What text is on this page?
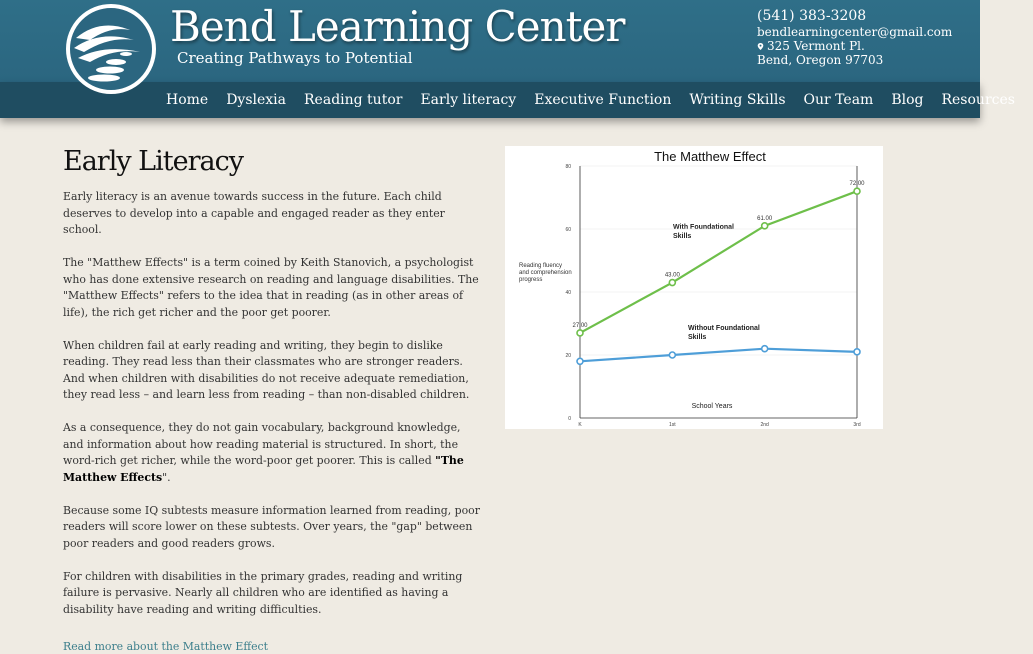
Bend Learning Center
Creating Pathways to Potential
(541) 383-3208
bendlearningcenter@gmail.com
325 Vermont Pl.
Bend, Oregon 97703
Home Dyslexia Reading tutor Early literacy Executive Function Writing Skills Our Team Blog Resources
Early Literacy

Early literacy is an avenue towards success in the future. Each child deserves to develop into a capable and engaged reader as they enter school.

The "Matthew Effects" is a term coined by Keith Stanovich, a psychologist who has done extensive research on reading and language disabilities. The "Matthew Effects" refers to the idea that in reading (as in other areas of life), the rich get richer and the poor get poorer.

When children fail at early reading and writing, they begin to dislike reading. They read less than their classmates who are stronger readers. And when children with disabilities do not receive adequate remediation, they read less – and learn less from reading – than non-disabled children.

As a consequence, they do not gain vocabulary, background knowledge, and information about how reading material is structured. In short, the word-rich get richer, while the word-poor get poorer. This is called "The Matthew Effects".

Because some IQ subtests measure information learned from reading, poor readers will score lower on these subtests. Over years, the "gap" between poor readers and good readers grows.

For children with disabilities in the primary grades, reading and writing failure is pervasive. Nearly all children who are identified as having a disability have reading and writing difficulties.

Read more about the Matthew Effect
The Matthew Effect
Reading fluency and comprehension progress
School Years
With Foundational Skills
Without Foundational Skills
0
20
40
60
80
K	1st	2nd	3rd
27.00
43.00
61.00
72.00
